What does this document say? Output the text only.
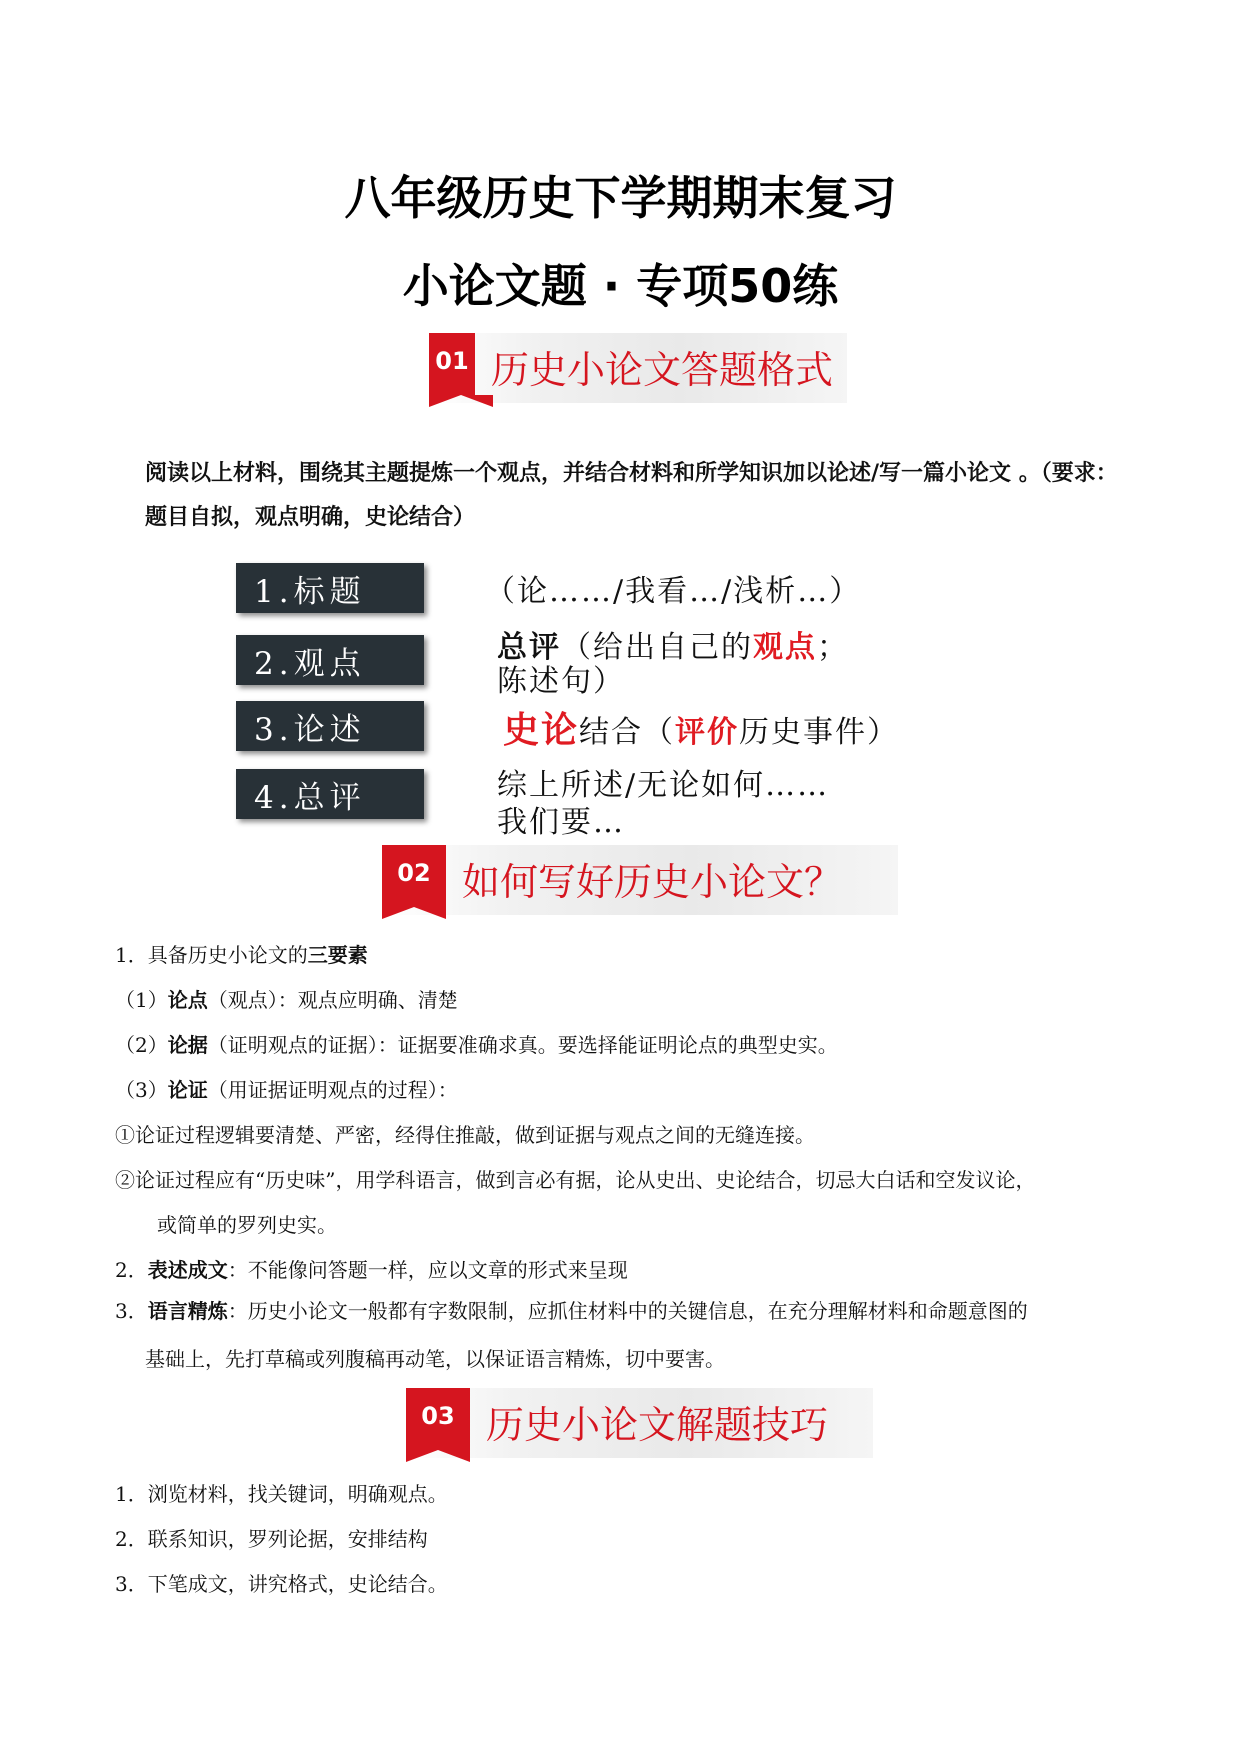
八年级历史下学期期末复习
小论文题 · 专项50练
01 历史小论文答题格式
阅读以上材料，围绕其主题提炼一个观点，并结合材料和所学知识加以论述/写一篇小论文 。（要求：题目自拟，观点明确，史论结合）
1.标题
2.观点
3.论述
4.总评
（论……/我看…/浅析…）
总评（给出自己的观点；
陈述句）
史论结合（评价历史事件）
综上所述/无论如何……
我们要…
02 如何写好历史小论文？
1．具备历史小论文的三要素
（1）论点（观点）：观点应明确、清楚
（2）论据（证明观点的证据）：证据要准确求真。要选择能证明论点的典型史实。
（3）论证（用证据证明观点的过程）：
①论证过程逻辑要清楚、严密，经得住推敲，做到证据与观点之间的无缝连接。
②论证过程应有“历史味”，用学科语言，做到言必有据，论从史出、史论结合，切忌大白话和空发议论，
或简单的罗列史实。
2．表述成文：不能像问答题一样，应以文章的形式来呈现
3．语言精炼：历史小论文一般都有字数限制，应抓住材料中的关键信息，在充分理解材料和命题意图的
基础上，先打草稿或列腹稿再动笔，以保证语言精炼，切中要害。
03 历史小论文解题技巧
1．浏览材料，找关键词，明确观点。
2．联系知识，罗列论据，安排结构
3．下笔成文，讲究格式，史论结合。
